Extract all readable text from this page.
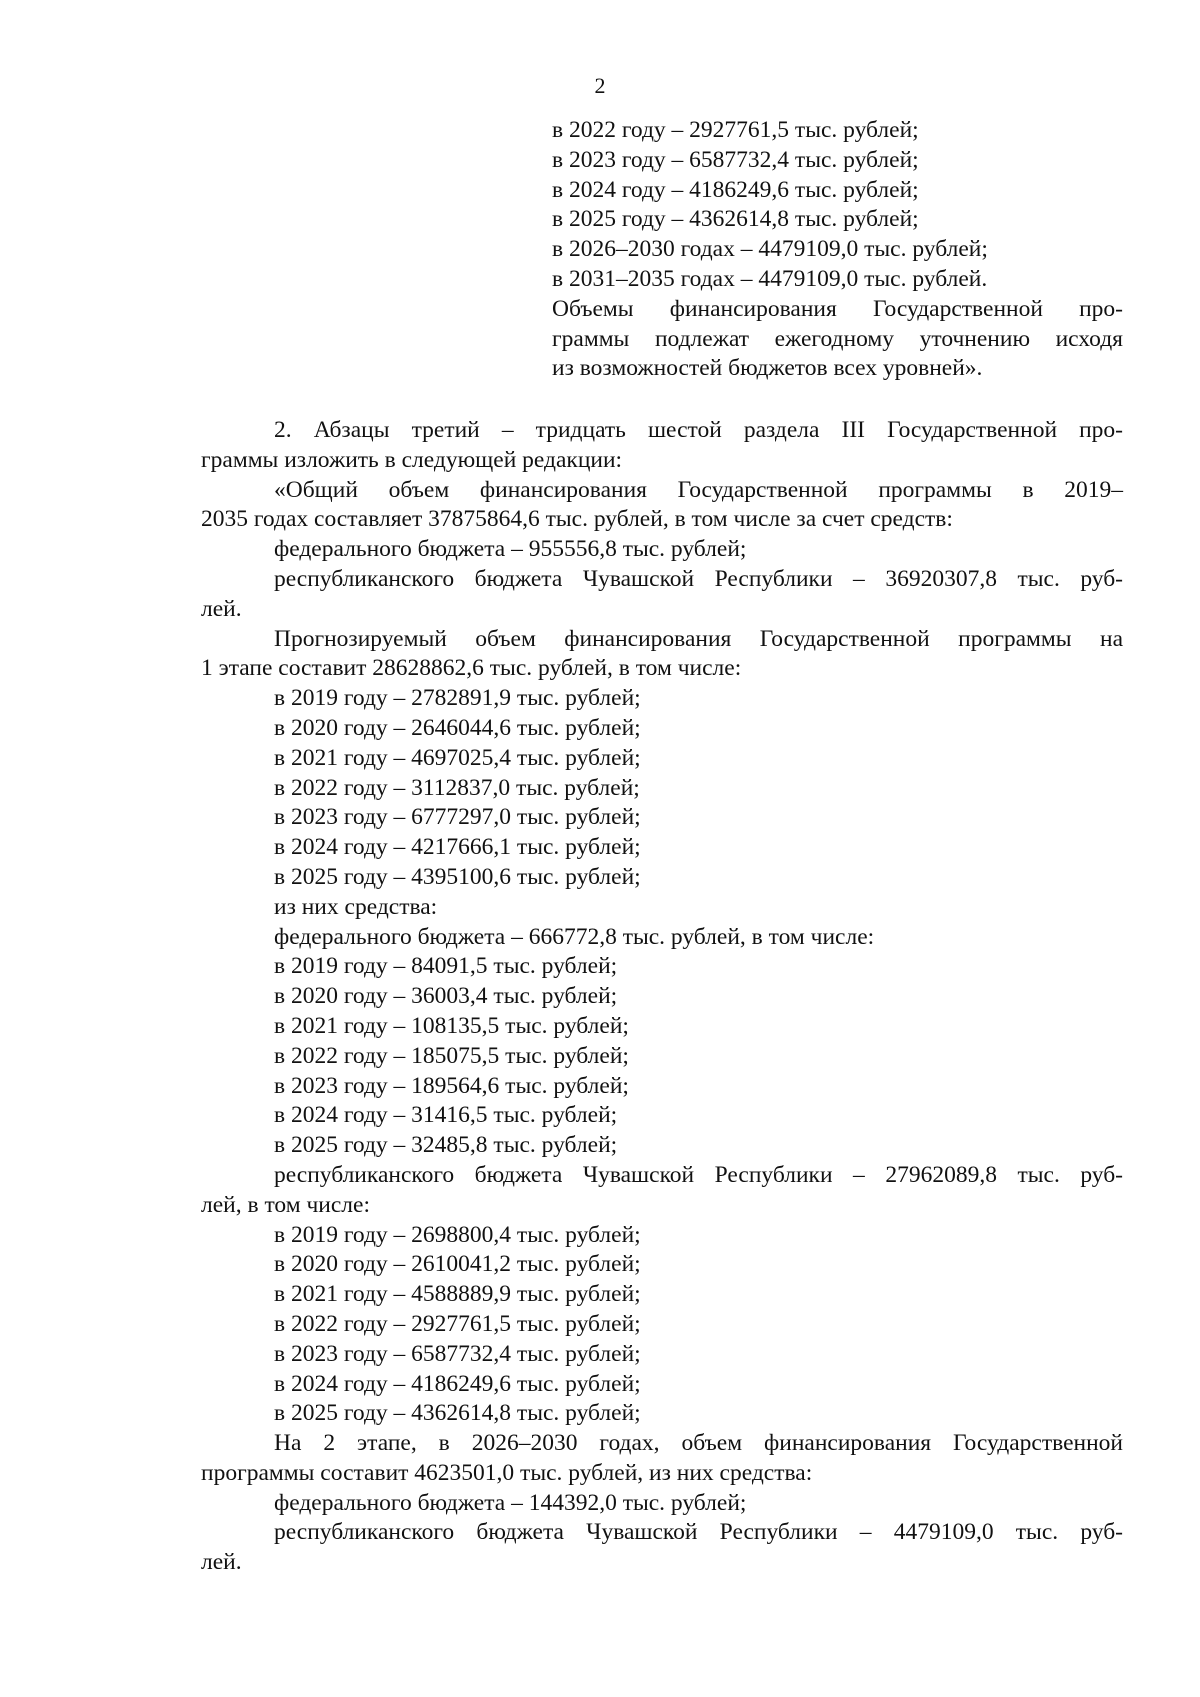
2
в 2022 году – 2927761,5 тыс. рублей;
в 2023 году – 6587732,4 тыс. рублей;
в 2024 году – 4186249,6 тыс. рублей;
в 2025 году – 4362614,8 тыс. рублей;
в 2026–2030 годах – 4479109,0 тыс. рублей;
в 2031–2035 годах – 4479109,0 тыс. рублей.
Объемы финансирования Государственной про-
граммы подлежат ежегодному уточнению исходя
из возможностей бюджетов всех уровней».
2. Абзацы третий – тридцать шестой раздела III Государственной про-
граммы изложить в следующей редакции:
«Общий объем финансирования Государственной программы в 2019–
2035 годах составляет 37875864,6 тыс. рублей, в том числе за счет средств:
федерального бюджета – 955556,8 тыс. рублей;
республиканского бюджета Чувашской Республики – 36920307,8 тыс. руб-
лей.
Прогнозируемый объем финансирования Государственной программы на
1 этапе составит 28628862,6 тыс. рублей, в том числе:
в 2019 году – 2782891,9 тыс. рублей;
в 2020 году – 2646044,6 тыс. рублей;
в 2021 году – 4697025,4 тыс. рублей;
в 2022 году – 3112837,0 тыс. рублей;
в 2023 году – 6777297,0 тыс. рублей;
в 2024 году – 4217666,1 тыс. рублей;
в 2025 году – 4395100,6 тыс. рублей;
из них средства:
федерального бюджета – 666772,8 тыс. рублей, в том числе:
в 2019 году – 84091,5 тыс. рублей;
в 2020 году – 36003,4 тыс. рублей;
в 2021 году – 108135,5 тыс. рублей;
в 2022 году – 185075,5 тыс. рублей;
в 2023 году – 189564,6 тыс. рублей;
в 2024 году – 31416,5 тыс. рублей;
в 2025 году – 32485,8 тыс. рублей;
республиканского бюджета Чувашской Республики – 27962089,8 тыс. руб-
лей, в том числе:
в 2019 году – 2698800,4 тыс. рублей;
в 2020 году – 2610041,2 тыс. рублей;
в 2021 году – 4588889,9 тыс. рублей;
в 2022 году – 2927761,5 тыс. рублей;
в 2023 году – 6587732,4 тыс. рублей;
в 2024 году – 4186249,6 тыс. рублей;
в 2025 году – 4362614,8 тыс. рублей;
На 2 этапе, в 2026–2030 годах, объем финансирования Государственной
программы составит 4623501,0 тыс. рублей, из них средства:
федерального бюджета – 144392,0 тыс. рублей;
республиканского бюджета Чувашской Республики – 4479109,0 тыс. руб-
лей.
